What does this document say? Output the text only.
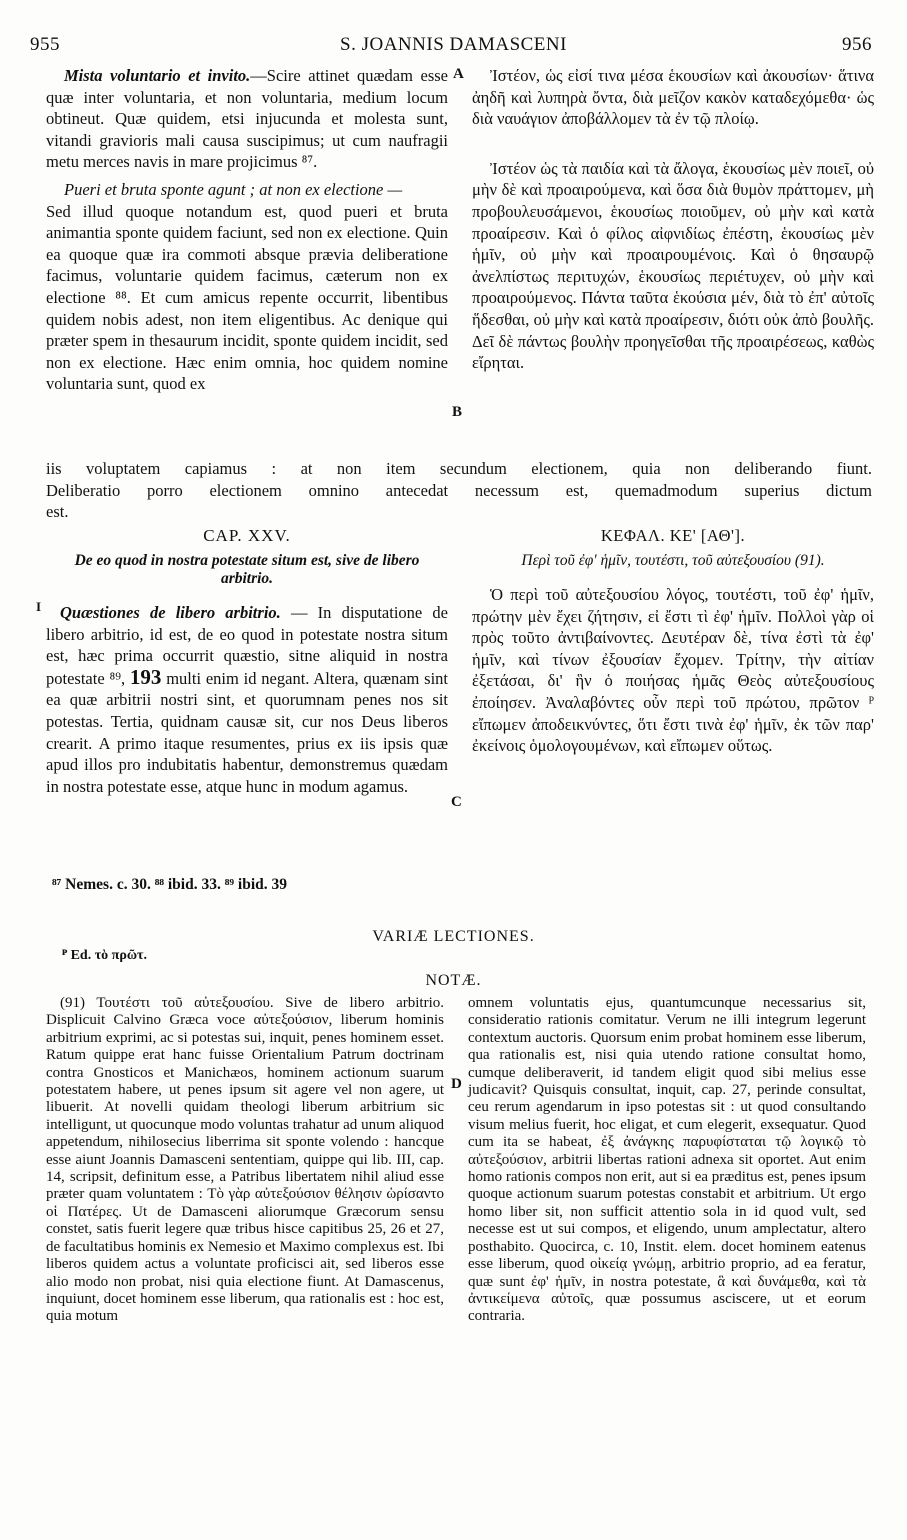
955	S. JOANNIS DAMASCENI	956
A
B
C
D

Mista voluntario et invito.—Scire attinet quædam esse quæ inter voluntaria, et non voluntaria, medium locum obtineut. Quæ quidem, etsi injucunda et molesta sunt, vitandi gravioris mali causa suscipimus; ut cum naufragii metu merces navis in mare projicimus ⁸⁷.

Pueri et bruta sponte agunt ; at non ex electione —
Sed illud quoque notandum est, quod pueri et bruta animantia sponte quidem faciunt, sed non ex electione. Quin ea quoque quæ ira commoti absque prævia deliberatione facimus, voluntarie quidem facimus, cæterum non ex electione ⁸⁸. Et cum amicus repente occurrit, libentibus quidem nobis adest, non item eligentibus. Ac denique qui præter spem in thesaurum incidit, sponte quidem incidit, sed non ex electione. Hæc enim omnia, hoc quidem nomine voluntaria sunt, quod ex

Ἰστέον, ὡς εἰσί τινα μέσα ἑκουσίων καὶ ἀκουσίων· ἅτινα ἀηδῆ καὶ λυπηρὰ ὄντα, διὰ μεῖζον κακὸν καταδεχόμεθα· ὡς διὰ ναυάγιον ἀποβάλλομεν τὰ ἐν τῷ πλοίῳ.

Ἰστέον ὡς τὰ παιδία καὶ τὰ ἄλογα, ἑκουσίως μὲν ποιεῖ, οὐ μὴν δὲ καὶ προαιρούμενα, καὶ ὅσα διὰ θυμὸν πράττομεν, μὴ προβουλευσάμενοι, ἑκουσίως ποιοῦμεν, οὐ μὴν καὶ κατὰ προαίρεσιν. Καὶ ὁ φίλος αἰφνιδίως ἐπέστη, ἑκουσίως μὲν ἡμῖν, οὐ μὴν καὶ προαιρουμένοις. Καὶ ὁ θησαυρῷ ἀνελπίστως περιτυχών, ἑκουσίως περιέτυχεν, οὐ μὴν καὶ προαιρούμενος. Πάντα ταῦτα ἑκούσια μέν, διὰ τὸ ἐπ' αὐτοῖς ἥδεσθαι, οὐ μὴν καὶ κατὰ προαίρεσιν, διότι οὐκ ἀπὸ βουλῆς. Δεῖ δὲ πάντως βουλὴν προηγεῖσθαι τῆς προαιρέσεως, καθὼς εἴρηται.

iis voluptatem capiamus : at non item secundum electionem, quia non deliberando fiunt.

Deliberatio porro electionem omnino antecedat necessum est, quemadmodum superius dictum

est.

CAP. XXV.
De eo quod in nostra potestate situm est, sive de libero arbitrio.
I	Quæstiones de libero arbitrio. — In disputatione de libero arbitrio, id est, de eo quod in potestate nostra situm est, hæc prima occurrit quæstio, sitne aliquid in nostra potestate ⁸⁹, 193 multi enim id negant. Altera, quænam sint ea quæ arbitrii nostri sint, et quorumnam penes nos sit potestas. Tertia, quidnam causæ sit, cur nos Deus liberos crearit. A primo itaque resumentes, prius ex iis ipsis quæ apud illos pro indubitatis habentur, demonstremus quædam in nostra potestate esse, atque hunc in modum agamus.

ΚΕΦΑΛ. ΚΕ' [ΑΘ'].
Περὶ τοῦ ἐφ' ἡμῖν, τουτέστι, τοῦ αὐτεξουσίου (91).
Ὁ περὶ τοῦ αὐτεξουσίου λόγος, τουτέστι, τοῦ ἐφ' ἡμῖν, πρώτην μὲν ἔχει ζήτησιν, εἰ ἔστι τὶ ἐφ' ἡμῖν. Πολλοὶ γὰρ οἱ πρὸς τοῦτο ἀντιβαίνοντες. Δευτέραν δὲ, τίνα ἐστὶ τὰ ἐφ' ἡμῖν, καὶ τίνων ἐξουσίαν ἔχομεν. Τρίτην, τὴν αἰτίαν ἐξετάσαι, δι' ἣν ὁ ποιήσας ἡμᾶς Θεὸς αὐτεξουσίους ἐποίησεν. Ἀναλαβόντες οὖν περὶ τοῦ πρώτου, πρῶτον ᴾ εἴπωμεν ἀποδεικνύντες, ὅτι ἔστι τινὰ ἐφ' ἡμῖν, ἐκ τῶν παρ' ἐκείνοις ὁμολογουμένων, καὶ εἴπωμεν οὕτως.
⁸⁷ Nemes. c. 30. ⁸⁸ ibid. 33. ⁸⁹ ibid. 39
VARIÆ LECTIONES.
ᴾ Ed. τὸ πρῶτ.
NOTÆ.

(91) Τουτέστι τοῦ αὐτεξουσίου. Sive de libero arbitrio. Displicuit Calvino Græca voce αὐτεξούσιον, liberum hominis arbitrium exprimi, ac si potestas sui, inquit, penes hominem esset. Ratum quippe erat hanc fuisse Orientalium Patrum doctrinam contra Gnosticos et Manichæos, hominem actionum suarum potestatem habere, ut penes ipsum sit agere vel non agere, ut libuerit. At novelli quidam theologi liberum arbitrium sic intelligunt, ut quocunque modo voluntas trahatur ad unum aliquod appetendum, nihilosecius liberrima sit sponte volendo : hancque esse aiunt Joannis Damasceni sententiam, quippe qui lib. III, cap. 14, scripsit, definitum esse, a Patribus libertatem nihil aliud esse præter quam voluntatem : Τὸ γὰρ αὐτεξούσιον θέλησιν ὡρίσαντο οἱ Πατέρες. Ut de Damasceni aliorumque Græcorum sensu constet, satis fuerit legere quæ tribus hisce capitibus 25, 26 et 27, de facultatibus hominis ex Nemesio et Maximo complexus est. Ibi liberos quidem actus a voluntate proficisci ait, sed liberos esse alio modo non probat, nisi quia electione fiunt. At Damascenus, inquiunt, docet hominem esse liberum, qua rationalis est : hoc est, quia motum

omnem voluntatis ejus, quantumcunque necessarius sit, consideratio rationis comitatur. Verum ne illi integrum legerunt contextum auctoris. Quorsum enim probat hominem esse liberum, qua rationalis est, nisi quia utendo ratione consultat homo, cumque deliberaverit, id tandem eligit quod sibi melius esse judicavit? Quisquis consultat, inquit, cap. 27, perinde consultat, ceu rerum agendarum in ipso potestas sit : ut quod consultando visum melius fuerit, hoc eligat, et cum elegerit, exsequatur. Quod cum ita se habeat, ἐξ ἀνάγκης παρυφίσταται τῷ λογικῷ τὸ αὐτεξούσιον, arbitrii libertas rationi adnexa sit oportet. Aut enim homo rationis compos non erit, aut si ea præditus est, penes ipsum quoque actionum suarum potestas constabit et arbitrium. Ut ergo homo liber sit, non sufficit attentio sola in id quod vult, sed necesse est ut sui compos, et eligendo, unum amplectatur, altero posthabito. Quocirca, c. 10, Instit. elem. docet hominem eatenus esse liberum, quod οἰκείᾳ γνώμῃ, arbitrio proprio, ad ea feratur, quæ sunt ἐφ' ἡμῖν, in nostra potestate, ἃ καὶ δυνάμεθα, καὶ τὰ ἀντικείμενα αὐτοῖς, quæ possumus asciscere, ut et eorum contraria.
